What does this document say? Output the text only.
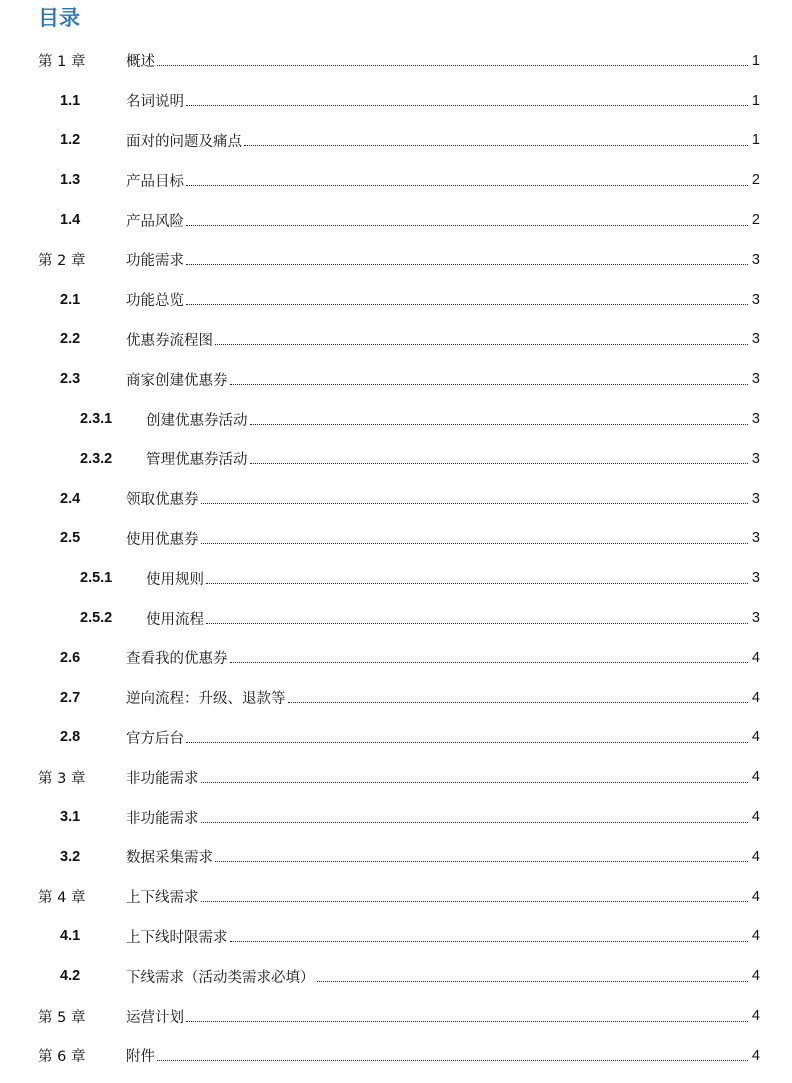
目录
第 1 章	概述	1
1.1	名词说明	1
1.2	面对的问题及痛点	1
1.3	产品目标	2
1.4	产品风险	2
第 2 章	功能需求	3
2.1	功能总览	3
2.2	优惠券流程图	3
2.3	商家创建优惠券	3
2.3.1 创建优惠券活动	3
2.3.2 管理优惠券活动	3
2.4	领取优惠券	3
2.5	使用优惠券	3
2.5.1 使用规则	3
2.5.2 使用流程	3
2.6	查看我的优惠券	4
2.7	逆向流程：升级、退款等	4
2.8	官方后台	4
第 3 章	非功能需求	4
3.1	非功能需求	4
3.2	数据采集需求	4
第 4 章	上下线需求	4
4.1	上下线时限需求	4
4.2	下线需求（活动类需求必填）	4
第 5 章	运营计划	4
第 6 章	附件	4
